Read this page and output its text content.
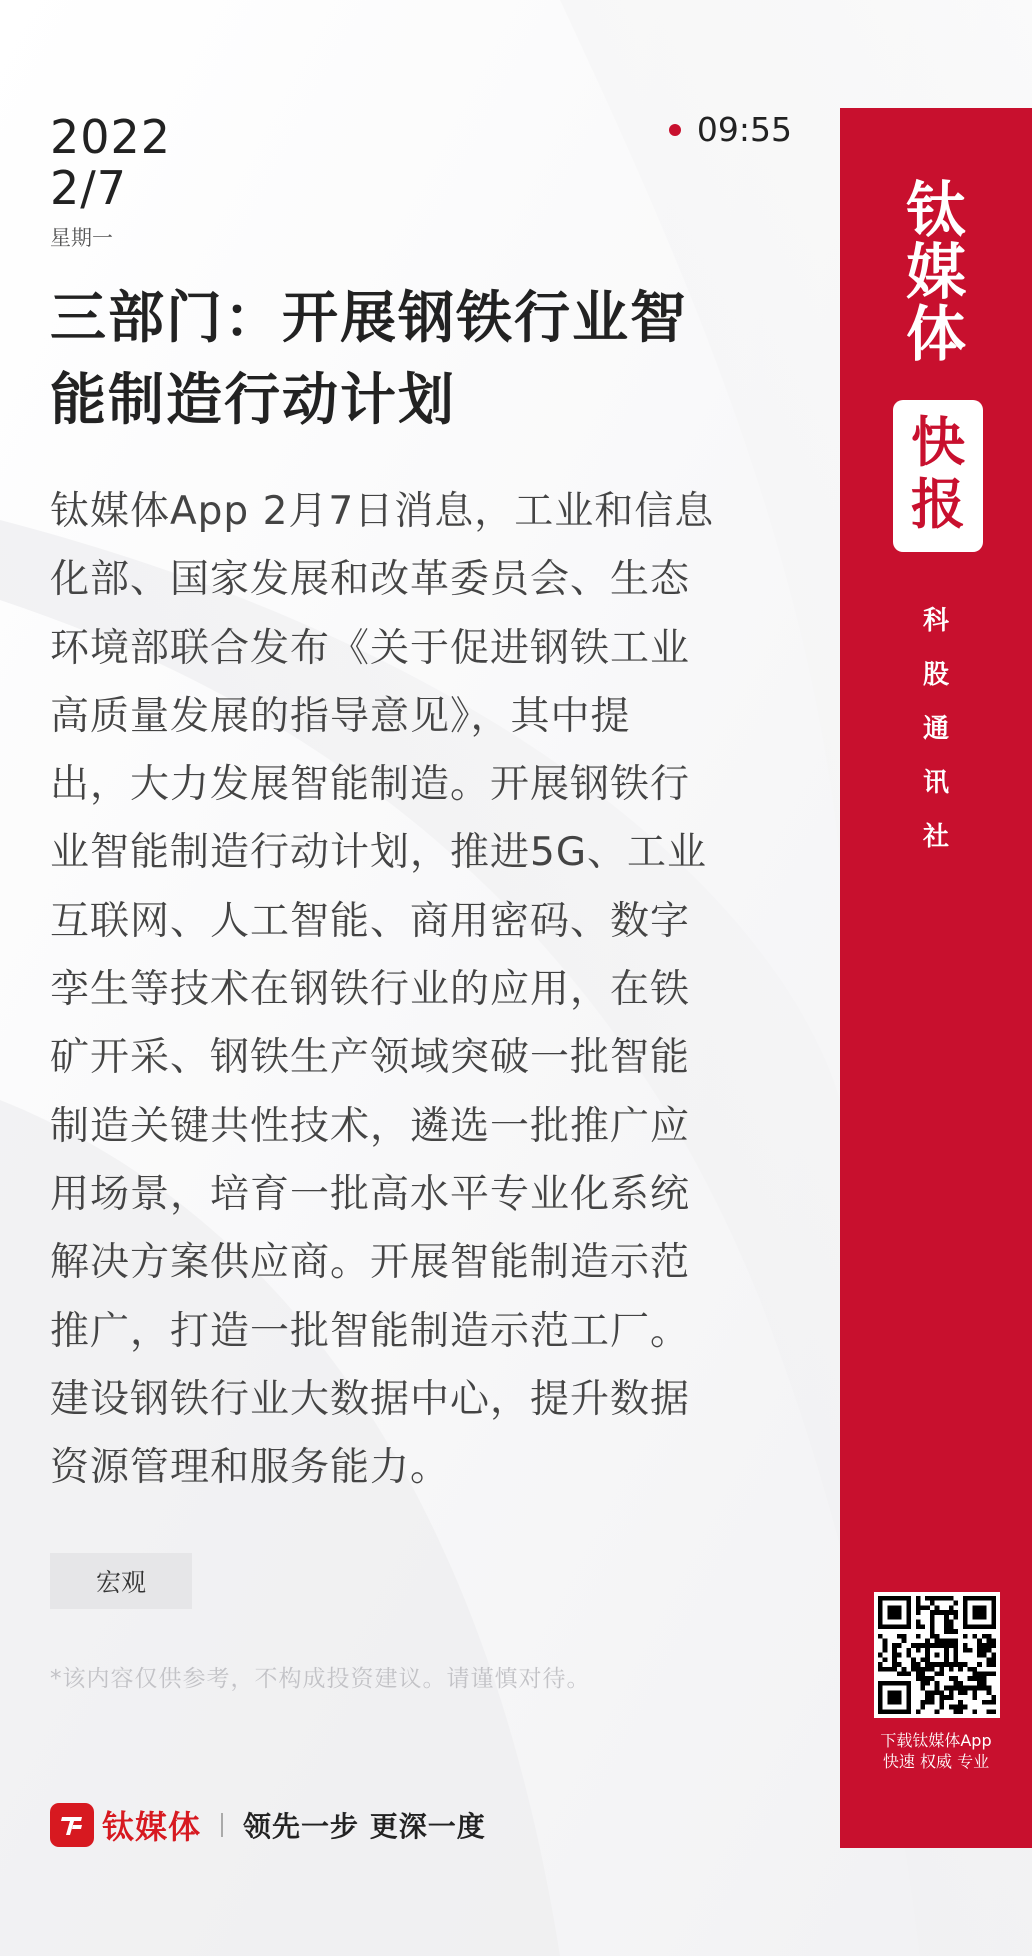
2022
2/7
星期一
09:55
三部门：开展钢铁行业智
能制造行动计划
钛媒体App 2月7日消息，工业和信息
化部、国家发展和改革委员会、生态
环境部联合发布《关于促进钢铁工业
高质量发展的指导意见》，其中提
出，大力发展智能制造。开展钢铁行
业智能制造行动计划，推进5G、工业
互联网、人工智能、商用密码、数字
孪生等技术在钢铁行业的应用，在铁
矿开采、钢铁生产领域突破一批智能
制造关键共性技术，遴选一批推广应
用场景，培育一批高水平专业化系统
解决方案供应商。开展智能制造示范
推广，打造一批智能制造示范工厂。
建设钢铁行业大数据中心，提升数据
资源管理和服务能力。
宏观
*该内容仅供参考，不构成投资建议。请谨慎对待。
钛媒体 领先一步 更深一度
钛
媒
体
快
报
科
股
通
讯
社
下载钛媒体App
快速 权威 专业
